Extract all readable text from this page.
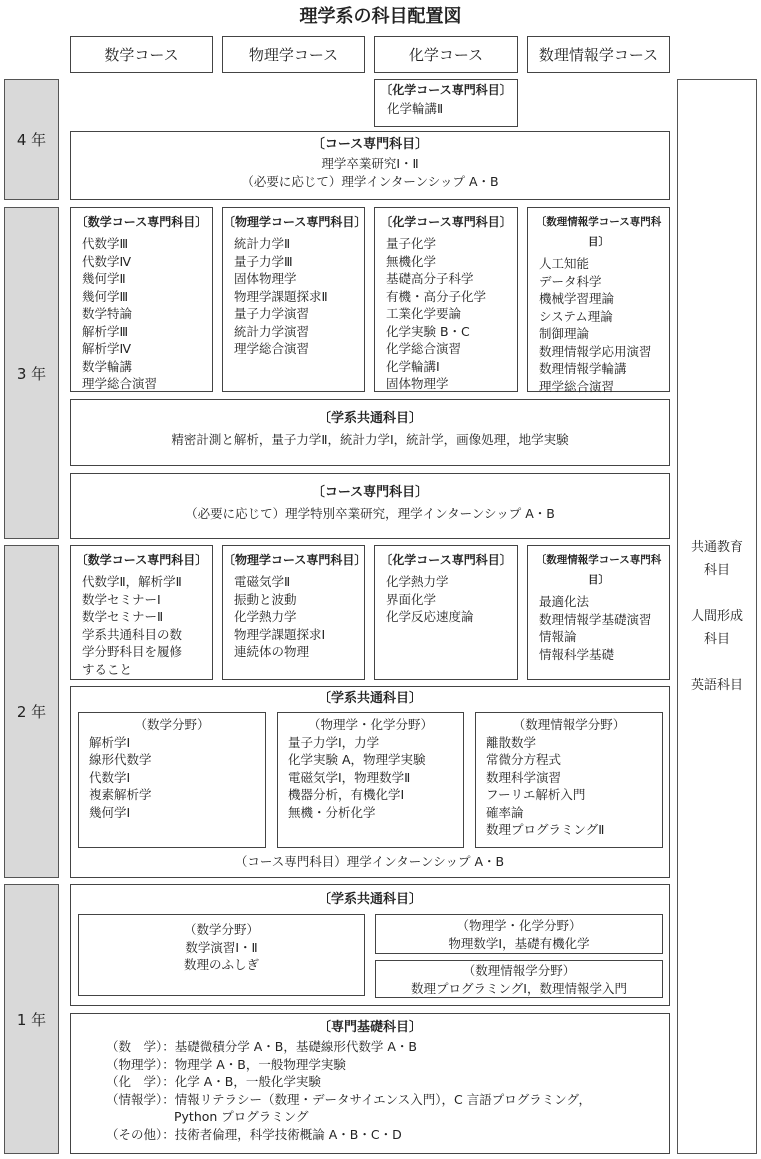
理学系の科目配置図
数学コース	物理学コース	化学コース	数理情報学コース
4 年
3 年
2 年
1 年
共通教育
科目
人間形成
科目
英語科目
〔化学コース専門科目〕
化学輪講Ⅱ
〔コース専門科目〕
理学卒業研究Ⅰ・Ⅱ
（必要に応じて）理学インターンシップ A・B
〔数学コース専門科目〕
代数学Ⅲ
代数学Ⅳ
幾何学Ⅱ
幾何学Ⅲ
数学特論
解析学Ⅲ
解析学Ⅳ
数学輪講
理学総合演習
〔物理学コース専門科目〕
統計力学Ⅱ
量子力学Ⅲ
固体物理学
物理学課題探求Ⅱ
量子力学演習
統計力学演習
理学総合演習
〔化学コース専門科目〕
量子化学
無機化学
基礎高分子科学
有機・高分子化学
工業化学要論
化学実験 B・C
化学総合演習
化学輪講Ⅰ
固体物理学
〔数理情報学コース専門科目〕
人工知能
データ科学
機械学習理論
システム理論
制御理論
数理情報学応用演習
数理情報学輪講
理学総合演習
〔学系共通科目〕
精密計測と解析，量子力学Ⅱ，統計力学Ⅰ，統計学，画像処理，地学実験
〔コース専門科目〕
（必要に応じて）理学特別卒業研究，理学インターンシップ A・B
〔数学コース専門科目〕
代数学Ⅱ，解析学Ⅱ
数学セミナーⅠ
数学セミナーⅡ
学系共通科目の数
学分野科目を履修
すること
〔物理学コース専門科目〕
電磁気学Ⅱ
振動と波動
化学熱力学
物理学課題探求Ⅰ
連続体の物理
〔化学コース専門科目〕
化学熱力学
界面化学
化学反応速度論
〔数理情報学コース専門科目〕
最適化法
数理情報学基礎演習
情報論
情報科学基礎
〔学系共通科目〕
（数学分野）
解析学Ⅰ
線形代数学
代数学Ⅰ
複素解析学
幾何学Ⅰ
（物理学・化学分野）
量子力学Ⅰ，力学
化学実験 A，物理学実験
電磁気学Ⅰ，物理数学Ⅱ
機器分析，有機化学Ⅰ
無機・分析化学
（数理情報学分野）
離散数学
常微分方程式
数理科学演習
フーリエ解析入門
確率論
数理プログラミングⅡ
（コース専門科目）理学インターンシップ A・B
〔学系共通科目〕
（数学分野）
数学演習Ⅰ・Ⅱ
数理のふしぎ
（物理学・化学分野）
物理数学Ⅰ，基礎有機化学
（数理情報学分野）
数理プログラミングⅠ，数理情報学入門
〔専門基礎科目〕
（数　学）：基礎微積分学 A・B，基礎線形代数学 A・B
（物理学）：物理学 A・B，一般物理学実験
（化　学）：化学 A・B，一般化学実験
（情報学）：情報リテラシー（数理・データサイエンス入門），C 言語プログラミング，
Python プログラミング
（その他）：技術者倫理，科学技術概論 A・B・C・D
